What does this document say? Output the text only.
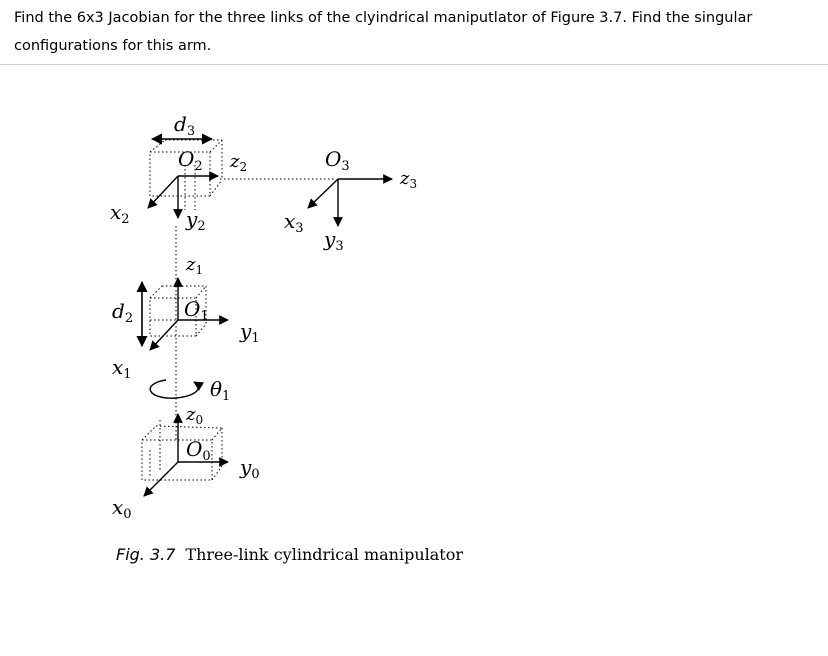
Find the 6x3 Jacobian for the three links of the clyindrical maniputlator of Figure 3.7. Find the singular configurations for this arm.
$d_3$
$O_2$ $z_2$	$O_3$
$z_3$
$x_2$	$y_2$	$x_3$ $y_3$
$z_1$
$d_2$	$O_1$
$y_1$
$x_1$
$\theta_1$
$z_0$
$O_0$ $y_0$
$x_0$
Fig. 3.7 Three-link cylindrical manipulator
